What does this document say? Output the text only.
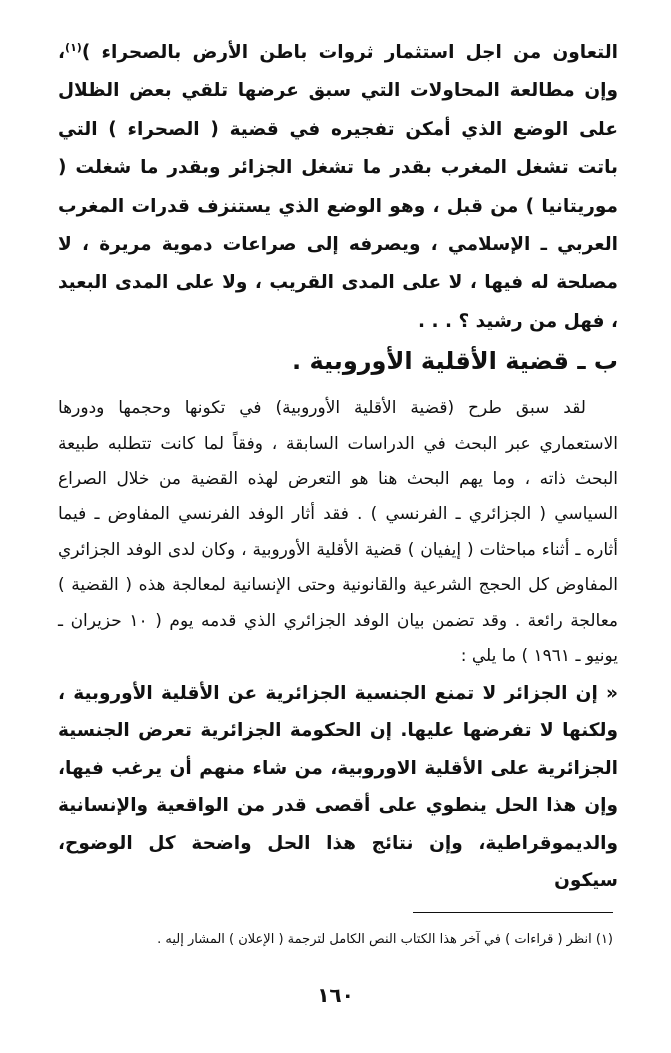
التعاون من اجل استثمار ثروات باطن الأرض بالصحراء )$^{(١)}$، وإن مطالعة المحاولات التي سبق عرضها تلقي بعض الظلال على الوضع الذي أمكن تفجيره في قضية ( الصحراء ) التي باتت تشغل المغرب بقدر ما تشغل الجزائر وبقدر ما شغلت ( موريتانيا ) من قبل ، وهو الوضع الذي يستنزف قدرات المغرب العربي ـ الإسلامي ، ويصرفه إلى صراعات دموية مريرة ، لا مصلحة له فيها ، لا على المدى القريب ، ولا على المدى البعيد ، فهل من رشيد ؟ . . .

ب ـ قضية الأقلية الأوروبية .

لقد سبق طرح (قضية الأقلية الأوروبية) في تكونها وحجمها ودورها الاستعماري عبر البحث في الدراسات السابقة ، وفقاً لما كانت تتطلبه طبيعة البحث ذاته ، وما يهم البحث هنا هو التعرض لهذه القضية من خلال الصراع السياسي ( الجزائري ـ الفرنسي ) . فقد أثار الوفد الفرنسي المفاوض ـ فيما أثاره ـ أثناء مباحثات ( إيفيان ) قضية الأقلية الأوروبية ، وكان لدى الوفد الجزائري المفاوض كل الحجج الشرعية والقانونية وحتى الإنسانية لمعالجة هذه ( القضية ) معالجة رائعة . وقد تضمن بيان الوفد الجزائري الذي قدمه يوم ( ١٠ حزيران ـ يونيو ـ ١٩٦١ ) ما يلي :

« إن الجزائر لا تمنع الجنسية الجزائرية عن الأقلية الأوروبية ، ولكنها لا تفرضها عليها. إن الحكومة الجزائرية تعرض الجنسية الجزائرية على الأقلية الاوروبية، من شاء منهم أن يرغب فيها، وإن هذا الحل ينطوي على أقصى قدر من الواقعية والإنسانية والديموقراطية، وإن نتائج هذا الحل واضحة كل الوضوح، سيكون

(١) انظر ( قراءات ) في آخر هذا الكتاب النص الكامل لترجمة ( الإعلان ) المشار إليه .
١٦٠
